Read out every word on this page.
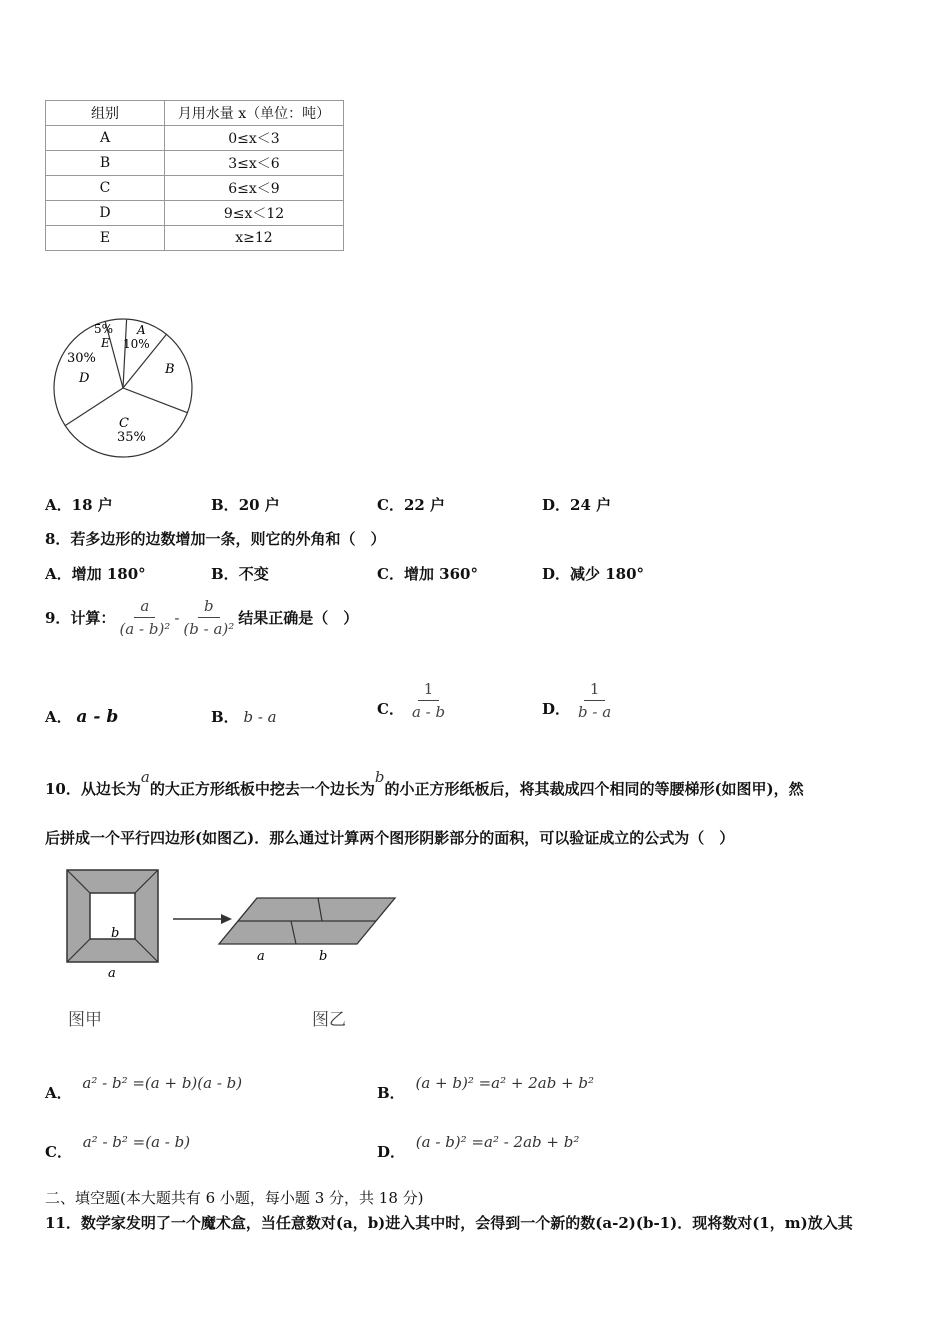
组别	月用水量 x（单位：吨）
A	0≤x＜3
B	3≤x＜6
C	6≤x＜9
D	9≤x＜12
E	x≥12
5%
E
A
10%
B
30%
D
C
35%
A．18 户	B．20 户	C．22 户	D．24 户
8．若多边形的边数增加一条，则它的外角和（　）
A．增加 180°	B．不变	C．增加 360°	D．减少 180°
9．计算： $\frac{a}{\text{(a - b)²}} - \frac{b}{\text{(b - a)²}}$ 结果正确是（　）
A． a - b	B． b - a	C． $\frac{1}{a - b}$	D． $\frac{1}{b - a}$
10．从边长为a的大正方形纸板中挖去一个边长为b的小正方形纸板后，将其裁成四个相同的等腰梯形(如图甲)，然
后拼成一个平行四边形(如图乙)．那么通过计算两个图形阴影部分的面积，可以验证成立的公式为（　）
b
a
a	b
图甲	图乙
A． a² - b² =(a + b)(a - b)
B． (a + b)² =a² + 2ab + b²
C． a² - b² =(a - b)
D． (a - b)² =a² - 2ab + b²
二、填空题(本大题共有 6 小题，每小题 3 分，共 18 分)
11．数学家发明了一个魔术盒，当任意数对(a，b)进入其中时，会得到一个新的数(a-2)(b-1)．现将数对(1，m)放入其
